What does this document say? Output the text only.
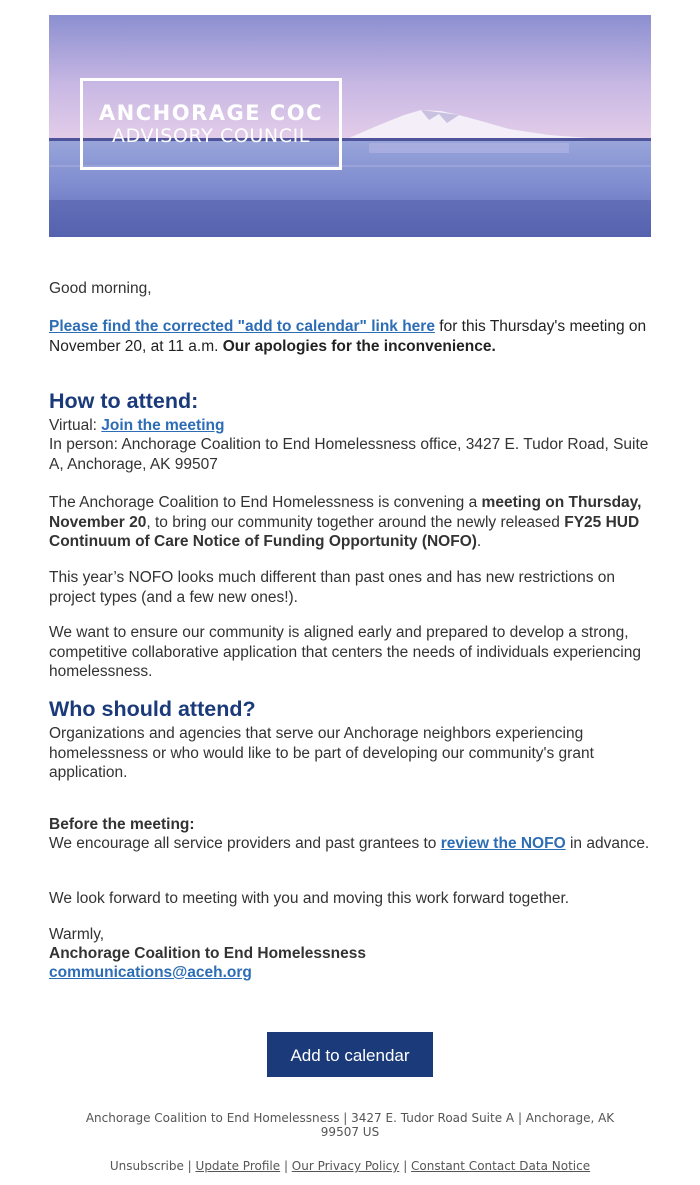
ANCHORAGE COC
ADVISORY COUNCIL

Good morning,

Please find the corrected "add to calendar" link here for this Thursday's meeting on November 20, at 11 a.m. Our apologies for the inconvenience.

How to attend:

Virtual: Join the meeting

In person: Anchorage Coalition to End Homelessness office, 3427 E. Tudor Road, Suite A, Anchorage, AK 99507

The Anchorage Coalition to End Homelessness is convening a meeting on Thursday, November 20, to bring our community together around the newly released FY25 HUD Continuum of Care Notice of Funding Opportunity (NOFO).

This year’s NOFO looks much different than past ones and has new restrictions on project types (and a few new ones!).

We want to ensure our community is aligned early and prepared to develop a strong, competitive collaborative application that centers the needs of individuals experiencing homelessness.

Who should attend?

Organizations and agencies that serve our Anchorage neighbors experiencing homelessness or who would like to be part of developing our community's grant application.

Before the meeting:

We encourage all service providers and past grantees to review the NOFO in advance.

We look forward to meeting with you and moving this work forward together.

Warmly,

Anchorage Coalition to End Homelessness

communications@aceh.org

Add to calendar
Anchorage Coalition to End Homelessness | 3427 E. Tudor Road Suite A | Anchorage, AK 99507 US
Unsubscribe | Update Profile | Our Privacy Policy | Constant Contact Data Notice
